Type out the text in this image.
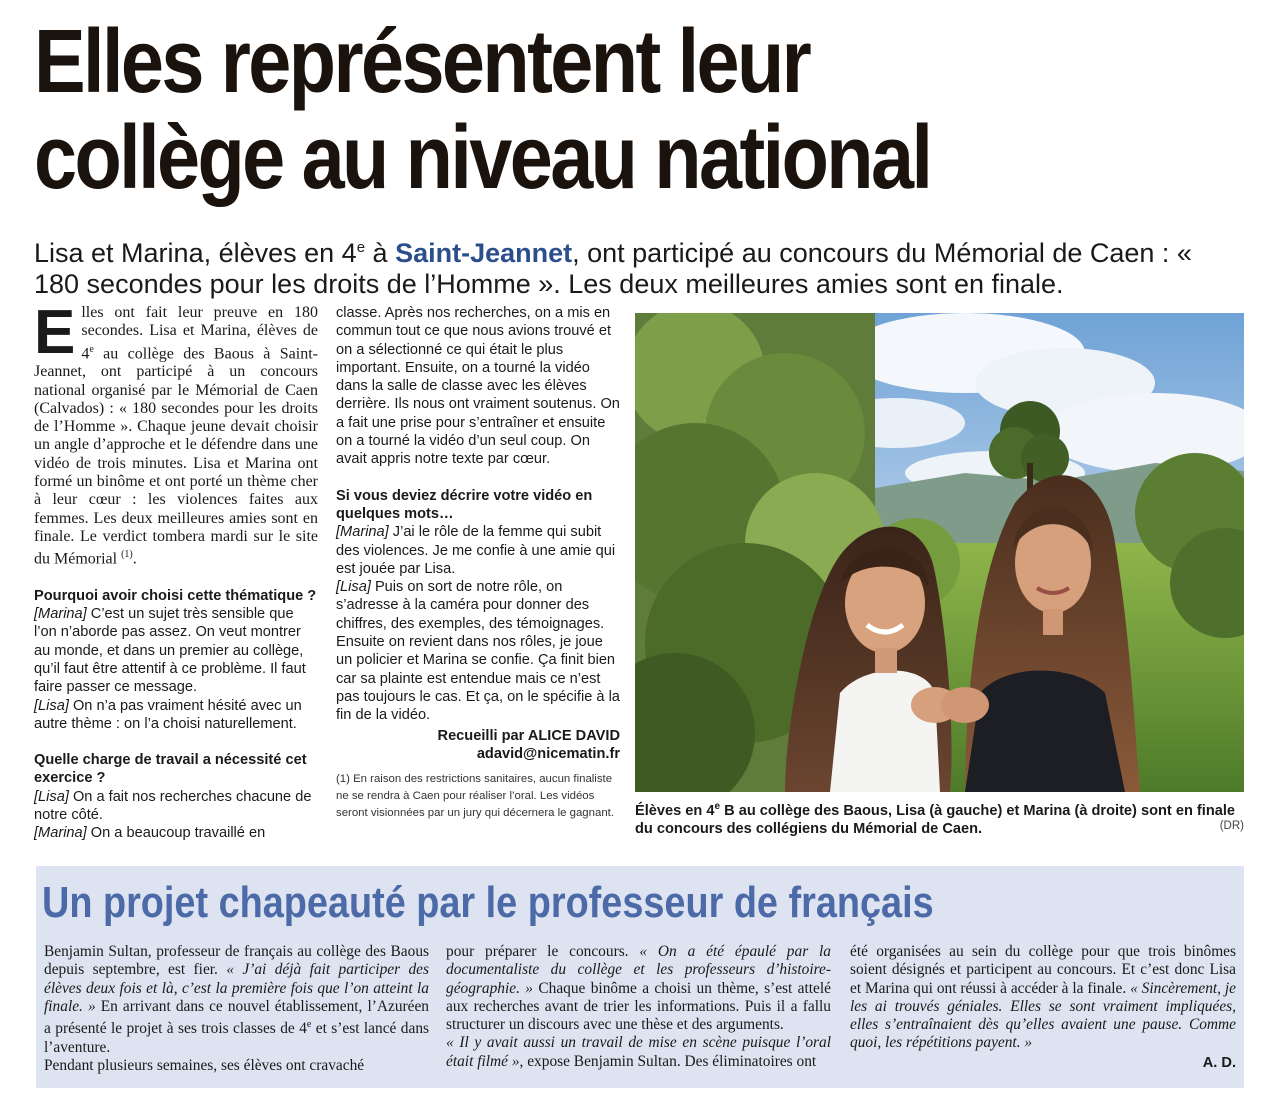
Elles représentent leur
collège au niveau national

Lisa et Marina, élèves en 4e à Saint-Jeannet, ont participé au concours du Mémorial de Caen : « 180 secondes pour les droits de l’Homme ». Les deux meilleures amies sont en finale.

Elles ont fait leur preuve en 180 secondes. Lisa et Marina, élèves de 4e au collège des Baous à Saint-Jeannet, ont participé à un concours national organisé par le Mémorial de Caen (Calvados) : « 180 secondes pour les droits de l’Homme ». Chaque jeune devait choisir un angle d’approche et le défendre dans une vidéo de trois minutes. Lisa et Marina ont formé un binôme et ont porté un thème cher à leur cœur : les violences faites aux femmes. Les deux meilleures amies sont en finale. Le verdict tombera mardi sur le site du Mémorial $^{(1)}$.

Pourquoi avoir choisi cette thématique ?

[Marina] C’est un sujet très sensible que l’on n’aborde pas assez. On veut montrer au monde, et dans un premier au collège, qu’il faut être attentif à ce problème. Il faut faire passer ce message.

[Lisa] On n’a pas vraiment hésité avec un autre thème : on l’a choisi naturellement.

Quelle charge de travail a nécessité cet exercice ?

[Lisa] On a fait nos recherches chacune de notre côté.

[Marina] On a beaucoup travaillé en

classe. Après nos recherches, on a mis en commun tout ce que nous avions trouvé et on a sélectionné ce qui était le plus important. Ensuite, on a tourné la vidéo dans la salle de classe avec les élèves derrière. Ils nous ont vraiment soutenus. On a fait une prise pour s’entraîner et ensuite on a tourné la vidéo d’un seul coup. On avait appris notre texte par cœur.

Si vous deviez décrire votre vidéo en quelques mots…

[Marina] J’ai le rôle de la femme qui subit des violences. Je me confie à une amie qui est jouée par Lisa.

[Lisa] Puis on sort de notre rôle, on s’adresse à la caméra pour donner des chiffres, des exemples, des témoignages. Ensuite on revient dans nos rôles, je joue un policier et Marina se confie. Ça finit bien car sa plainte est entendue mais ce n’est pas toujours le cas. Et ça, on le spécifie à la fin de la vidéo.

Recueilli par ALICE DAVID

adavid@nicematin.fr

(1) En raison des restrictions sanitaires, aucun finaliste ne se rendra à Caen pour réaliser l’oral. Les vidéos seront visionnées par un jury qui décernera le gagnant.	Élèves en 4e B au collège des Baous, Lisa (à gauche) et Marina (à droite) sont en finale du concours des collégiens du Mémorial de Caen.	(DR)
Un projet chapeauté par le professeur de français

Benjamin Sultan, professeur de français au collège des Baous depuis septembre, est fier. « J’ai déjà fait participer des élèves deux fois et là, c’est la première fois que l’on atteint la finale. » En arrivant dans ce nouvel établissement, l’Azuréen a présenté le projet à ses trois classes de 4e et s’est lancé dans l’aventure.

Pendant plusieurs semaines, ses élèves ont cravaché

pour préparer le concours. « On a été épaulé par la documentaliste du collège et les professeurs d’histoire-géographie. » Chaque binôme a choisi un thème, s’est attelé aux recherches avant de trier les informations. Puis il a fallu structurer un discours avec une thèse et des arguments.

« Il y avait aussi un travail de mise en scène puisque l’oral était filmé », expose Benjamin Sultan. Des éliminatoires ont

été organisées au sein du collège pour que trois binômes soient désignés et participent au concours. Et c’est donc Lisa et Marina qui ont réussi à accéder à la finale. « Sincèrement, je les ai trouvés géniales. Elles se sont vraiment impliquées, elles s’entraînaient dès qu’elles avaient une pause. Comme quoi, les répétitions payent. »

A. D.
